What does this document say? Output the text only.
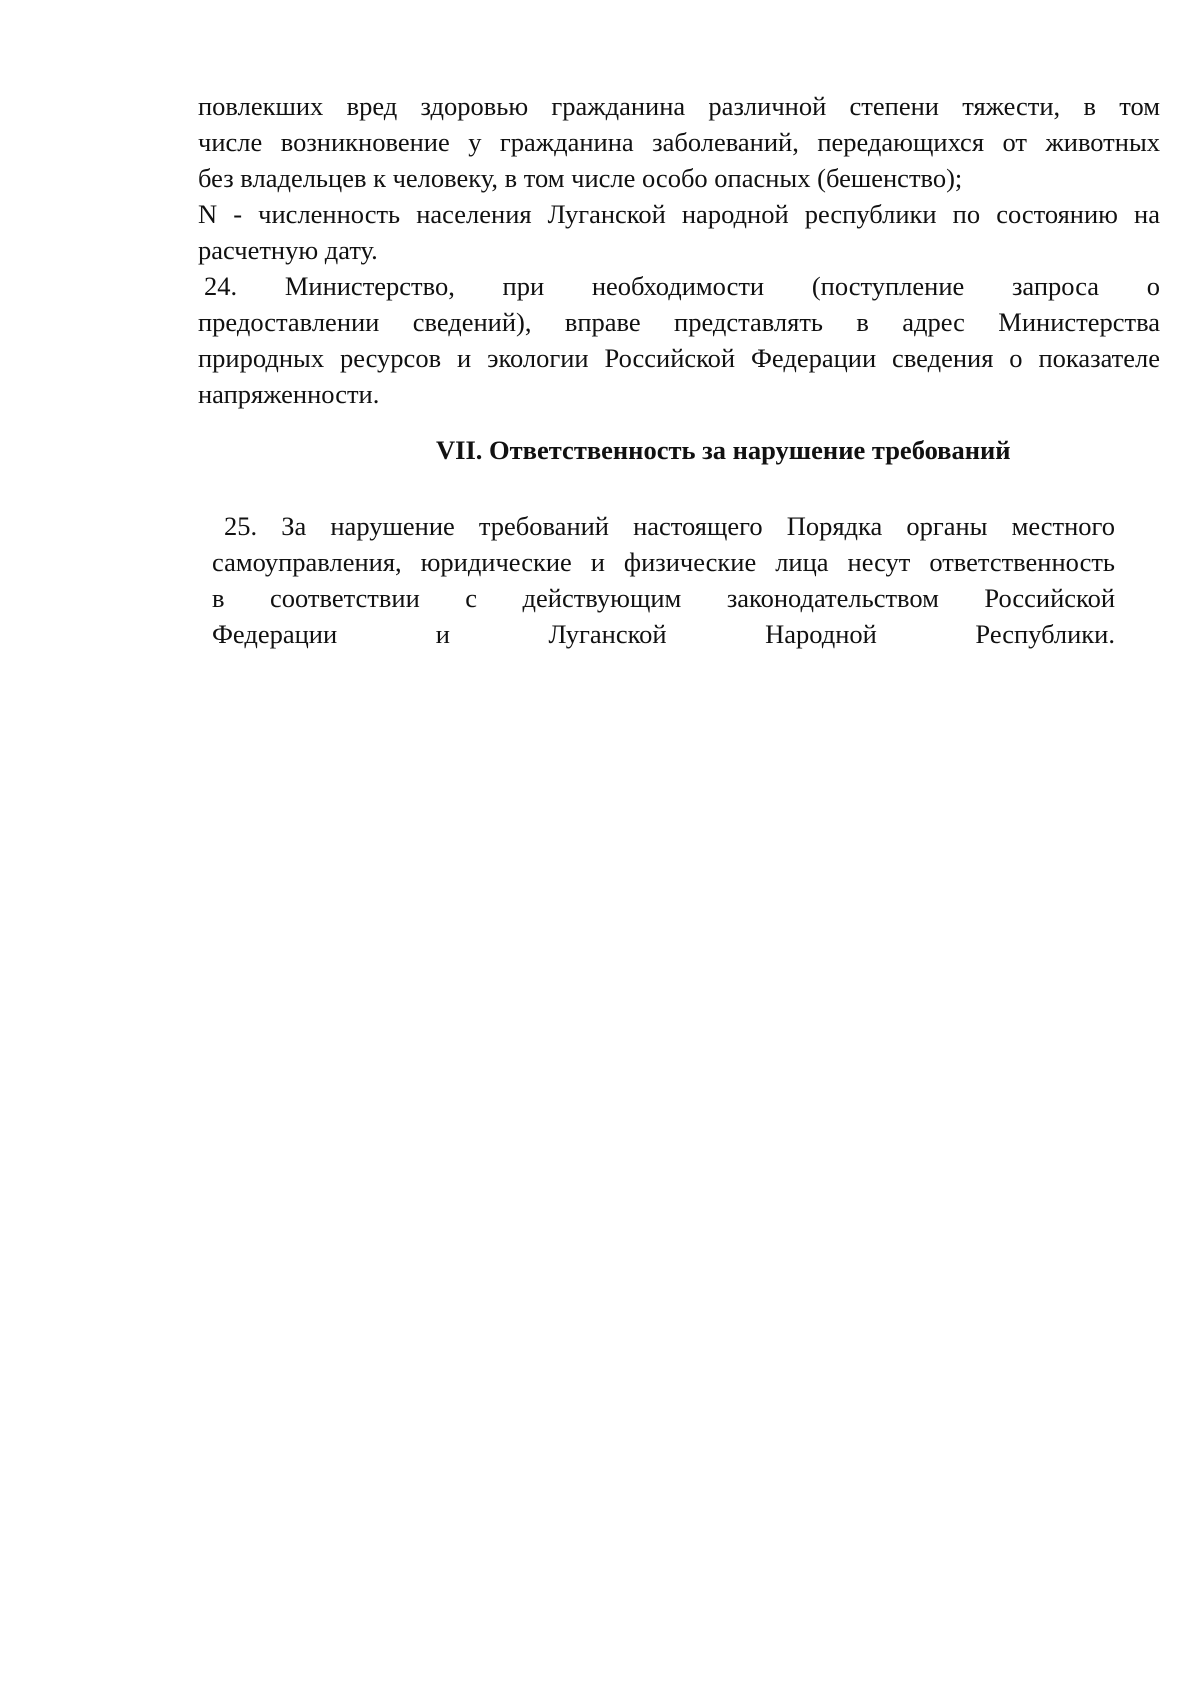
повлекших вред здоровью гражданина различной степени тяжести, в том
числе возникновение у гражданина заболеваний, передающихся от животных
без владельцев к человеку, в том числе особо опасных (бешенство);
N - численность населения Луганской народной республики по состоянию на
расчетную дату.
24. Министерство, при необходимости (поступление запроса о
предоставлении сведений), вправе представлять в адрес Министерства
природных ресурсов и экологии Российской Федерации сведения о показателе
напряженности.
VII. Ответственность за нарушение требований
25. За нарушение требований настоящего Порядка органы местного
самоуправления, юридические и физические лица несут ответственность
в соответствии с действующим законодательством Российской
Федерации и Луганской Народной Республики.
